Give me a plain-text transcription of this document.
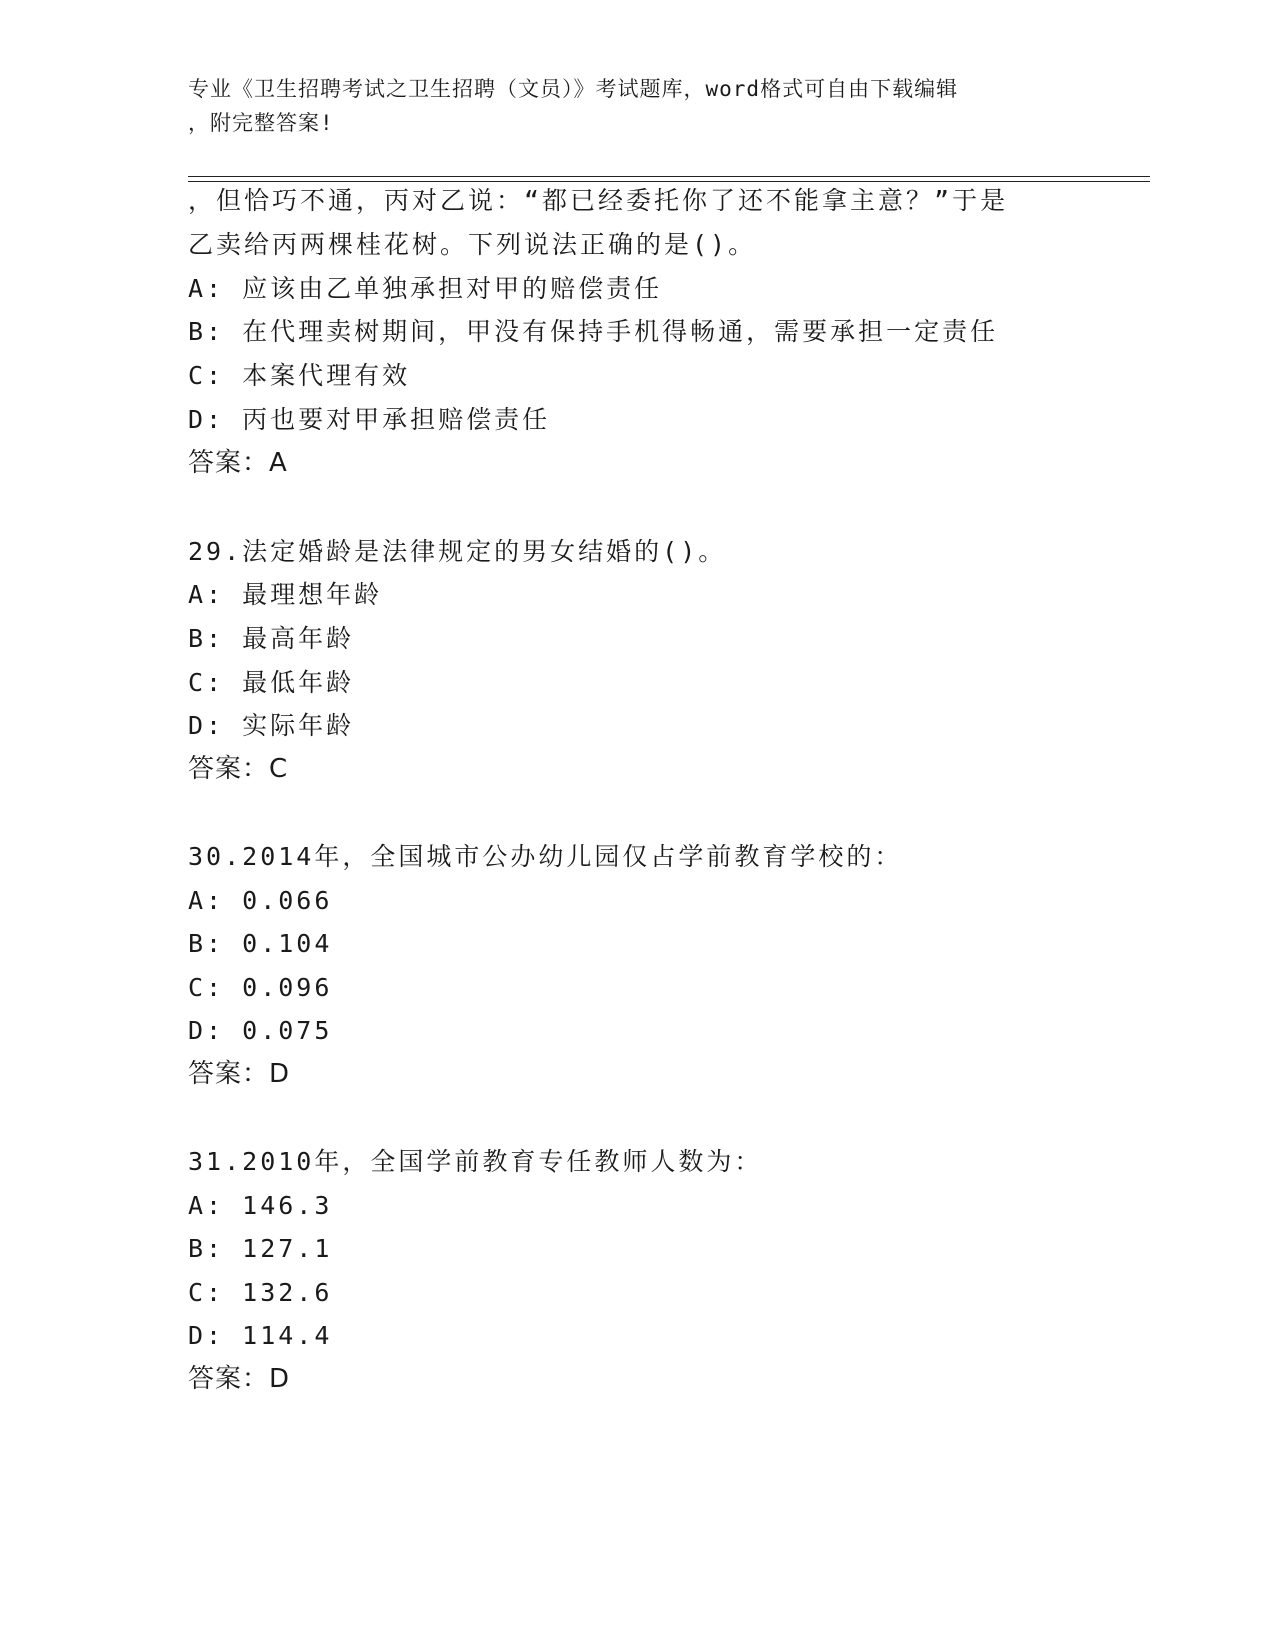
专业《卫生招聘考试之卫生招聘（文员）》考试题库，word格式可自由下载编辑
，附完整答案!
，但恰巧不通，丙对乙说：“都已经委托你了还不能拿主意？”于是
乙卖给丙两棵桂花树。下列说法正确的是()。
A: 应该由乙单独承担对甲的赔偿责任
B: 在代理卖树期间，甲没有保持手机得畅通，需要承担一定责任
C: 本案代理有效
D: 丙也要对甲承担赔偿责任
答案：A
29.法定婚龄是法律规定的男女结婚的()。
A: 最理想年龄
B: 最高年龄
C: 最低年龄
D: 实际年龄
答案：C
30.2014年，全国城市公办幼儿园仅占学前教育学校的：
A: 0.066
B: 0.104
C: 0.096
D: 0.075
答案：D
31.2010年，全国学前教育专任教师人数为：
A: 146.3
B: 127.1
C: 132.6
D: 114.4
答案：D
